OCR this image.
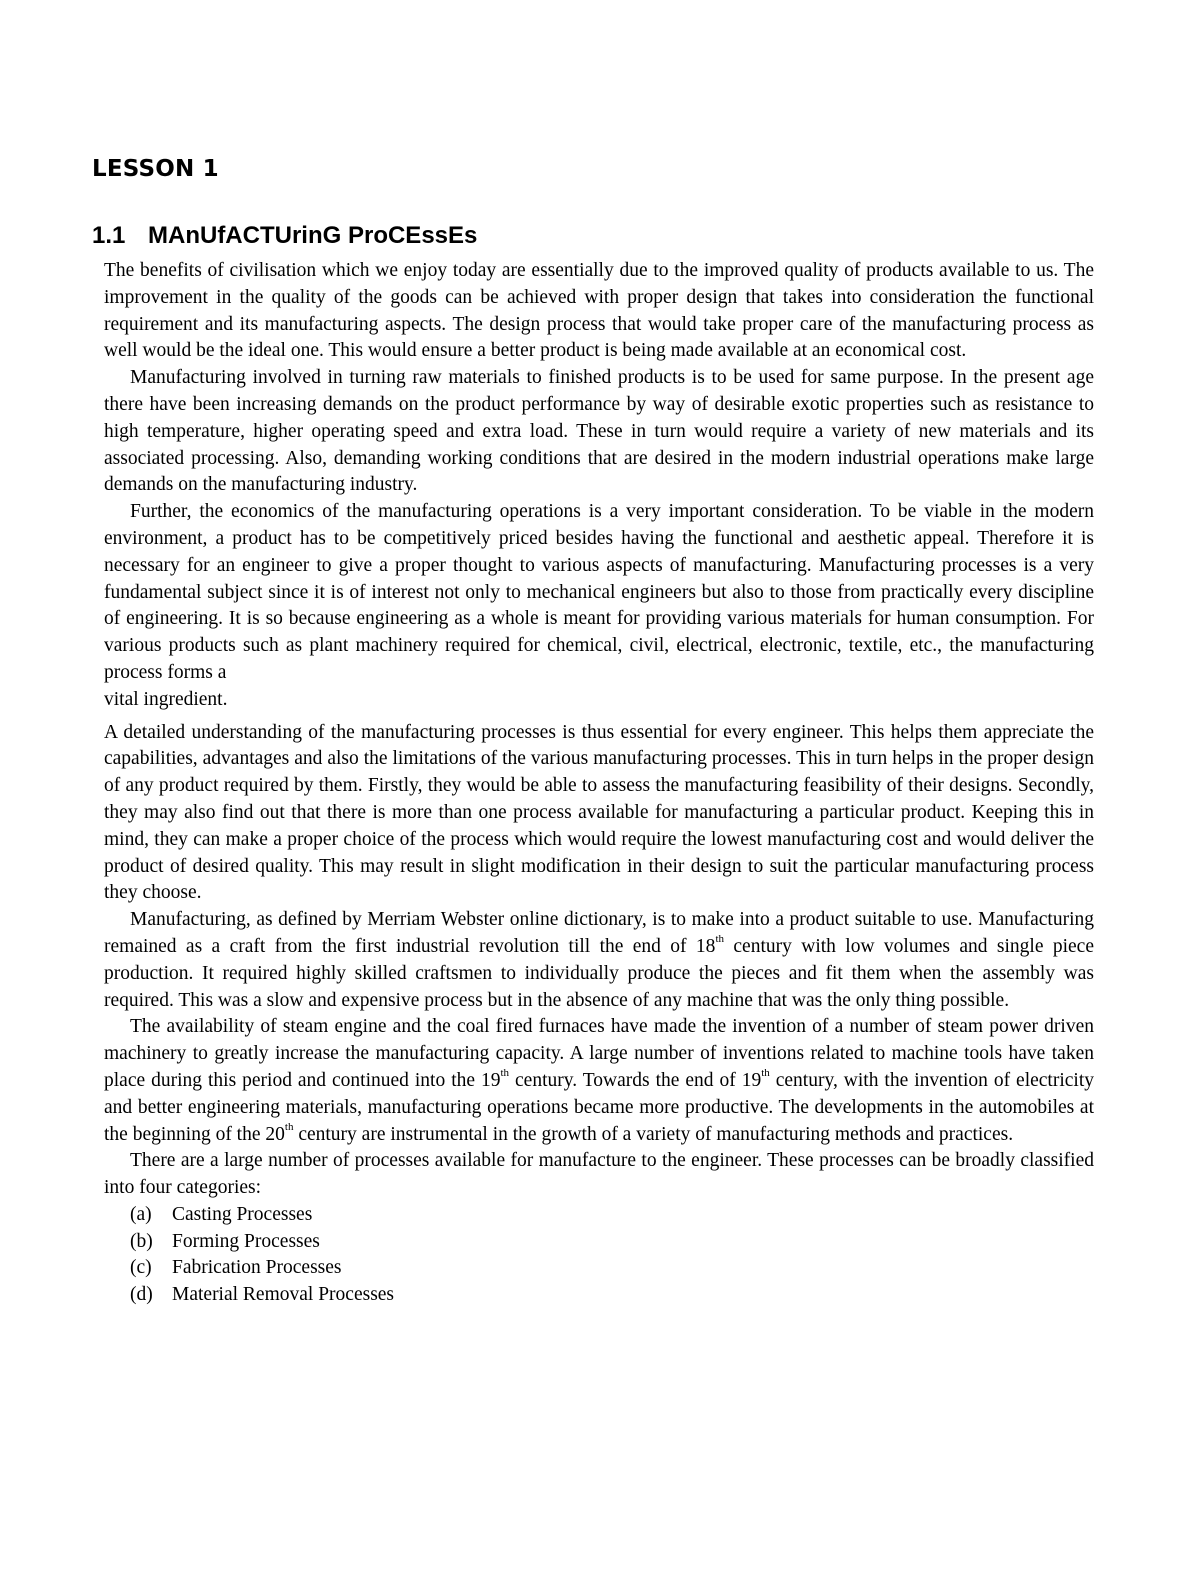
LESSON 1
1.1 MAnUfACTUrinG ProCEssEs

The benefits of civilisation which we enjoy today are essentially due to the improved quality of products available to us. The improvement in the quality of the goods can be achieved with proper design that takes into consideration the functional requirement and its manufacturing aspects. The design process that would take proper care of the manufacturing process as well would be the ideal one. This would ensure a better product is being made available at an economical cost.

Manufacturing involved in turning raw materials to finished products is to be used for same purpose. In the present age there have been increasing demands on the product performance by way of desirable exotic properties such as resistance to high temperature, higher operating speed and extra load. These in turn would require a variety of new materials and its associated processing. Also, demanding working conditions that are desired in the modern industrial operations make large demands on the manufacturing industry.

Further, the economics of the manufacturing operations is a very important consideration. To be viable in the modern environment, a product has to be competitively priced besides having the functional and aesthetic appeal. Therefore it is necessary for an engineer to give a proper thought to various aspects of manufacturing. Manufacturing processes is a very fundamental subject since it is of interest not only to mechanical engineers but also to those from practically every discipline of engineering. It is so because engineering as a whole is meant for providing various materials for human consumption. For various products such as plant machinery required for chemical, civil, electrical, electronic, textile, etc., the manufacturing process forms a

vital ingredient.

A detailed understanding of the manufacturing processes is thus essential for every engineer. This helps them appreciate the capabilities, advantages and also the limitations of the various manufacturing processes. This in turn helps in the proper design of any product required by them. Firstly, they would be able to assess the manufacturing feasibility of their designs. Secondly, they may also find out that there is more than one process available for manufacturing a particular product. Keeping this in mind, they can make a proper choice of the process which would require the lowest manufacturing cost and would deliver the product of desired quality. This may result in slight modification in their design to suit the particular manufacturing process they choose.

Manufacturing, as defined by Merriam Webster online dictionary, is to make into a product suitable to use. Manufacturing remained as a craft from the first industrial revolution till the end of 18th century with low volumes and single piece production. It required highly skilled craftsmen to individually produce the pieces and fit them when the assembly was required. This was a slow and expensive process but in the absence of any machine that was the only thing possible.

The availability of steam engine and the coal fired furnaces have made the invention of a number of steam power driven machinery to greatly increase the manufacturing capacity. A large number of inventions related to machine tools have taken place during this period and continued into the 19th century. Towards the end of 19th century, with the invention of electricity and better engineering materials, manufacturing operations became more productive. The developments in the automobiles at the beginning of the 20th century are instrumental in the growth of a variety of manufacturing methods and practices.

There are a large number of processes available for manufacture to the engineer. These processes can be broadly classified into four categories:

(a) Casting Processes
(b) Forming Processes
(c) Fabrication Processes
(d) Material Removal Processes
